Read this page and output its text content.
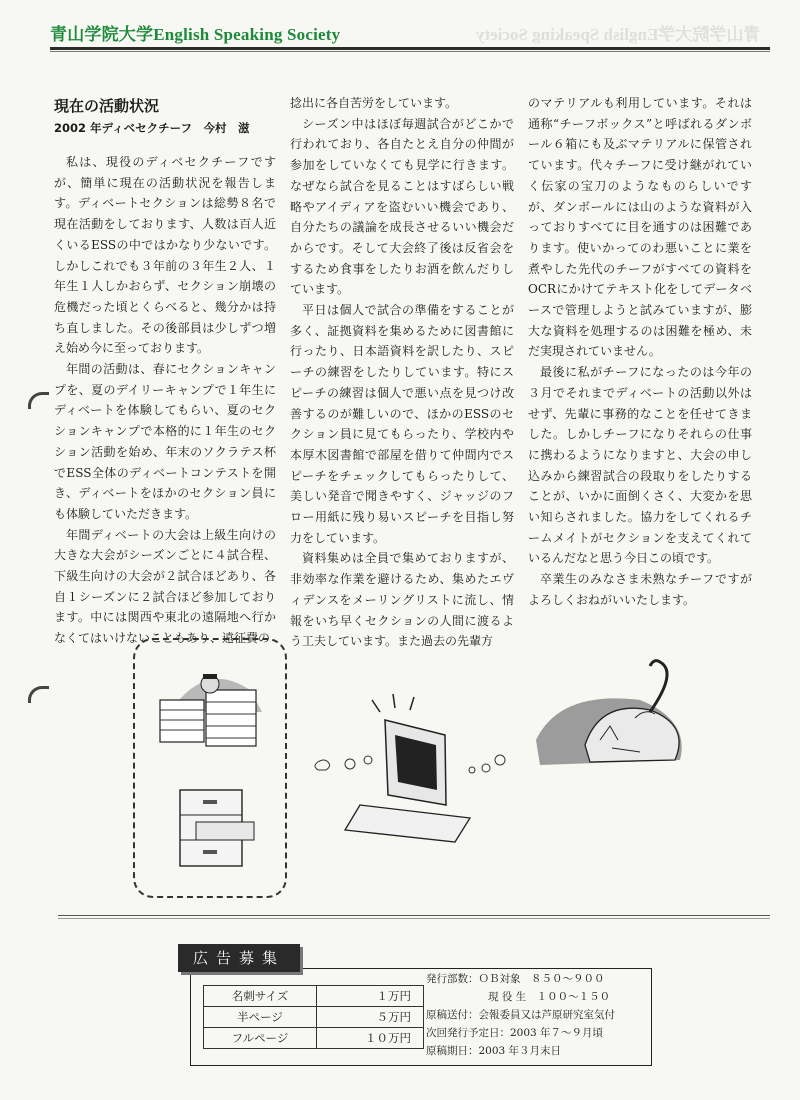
青山学院大学English Speaking Society	青山学院大学English Speaking Society
現在の活動状況
2002 年ディベセクチーフ　今村　滋

私は、現役のディベセクチーフですが、簡単に現在の活動状況を報告します。ディベートセクションは総勢８名で現在活動をしております、人数は百人近くいるESSの中ではかなり少ないです。しかしこれでも３年前の３年生２人、１年生１人しかおらず、セクション崩壊の危機だった頃とくらべると、幾分かは持ち直しました。その後部員は少しずつ増え始め今に至っております。

年間の活動は、春にセクションキャンプを、夏のデイリーキャンプで１年生にディベートを体験してもらい、夏のセクションキャンプで本格的に１年生のセクション活動を始め、年末のソクラテス杯でESS全体のディベートコンテストを開き、ディベートをほかのセクション員にも体験していただきます。

年間ディベートの大会は上級生向けの大きな大会がシーズンごとに４試合程、下級生向けの大会が２試合ほどあり、各自１シーズンに２試合ほど参加しております。中には関西や東北の遠隔地へ行かなくてはいけないこともあり、遠征費の

捻出に各自苦労をしています。

シーズン中はほぼ毎週試合がどこかで行われており、各自たとえ自分の仲間が参加をしていなくても見学に行きます。なぜなら試合を見ることはすばらしい戦略やアイディアを盗むいい機会であり、自分たちの議論を成長させるいい機会だからです。そして大会終了後は反省会をするため食事をしたりお酒を飲んだりしています。

平日は個人で試合の準備をすることが多く、証拠資料を集めるために図書館に行ったり、日本語資料を訳したり、スピーチの練習をしたりしています。特にスピーチの練習は個人で悪い点を見つけ改善するのが難しいので、ほかのESSのセクション員に見てもらったり、学校内や本厚木図書館で部屋を借りて仲間内でスピーチをチェックしてもらったりして、美しい発音で聞きやすく、ジャッジのフロー用紙に残り易いスピーチを目指し努力をしています。

資料集めは全員で集めておりますが、非効率な作業を避けるため、集めたエヴィデンスをメーリングリストに流し、情報をいち早くセクションの人間に渡るよう工夫しています。また過去の先輩方

のマテリアルも利用しています。それは通称“チーフボックス”と呼ばれるダンボール６箱にも及ぶマテリアルに保管されています。代々チーフに受け継がれていく伝家の宝刀のようなものらしいですが、ダンボールには山のような資料が入っておりすべてに目を通すのは困難であります。使いかってのわ悪いことに業を煮やした先代のチーフがすべての資料をOCRにかけてテキスト化をしてデータベースで管理しようと試みていますが、膨大な資料を処理するのは困難を極め、未だ実現されていません。

最後に私がチーフになったのは今年の３月でそれまでディベートの活動以外はせず、先輩に事務的なことを任せてきました。しかしチーフになりそれらの仕事に携わるようになりますと、大会の申し込みから練習試合の段取りをしたりすることが、いかに面倒くさく、大変かを思い知らされました。協力をしてくれるチームメイトがセクションを支えてくれているんだなと思う今日この頃です。

卒業生のみなさま未熟なチーフですがよろしくおねがいいたします。

広告募集
名刺サイズ	１万円
半ページ	５万円
フルページ	１０万円
発行部数：ＯＢ対象　８５０～９００
現 役 生　１００～１５０
原稿送付：会報委員又は芦原研究室気付
次回発行予定日：2003 年７～９月頃
原稿期日：2003 年３月末日
